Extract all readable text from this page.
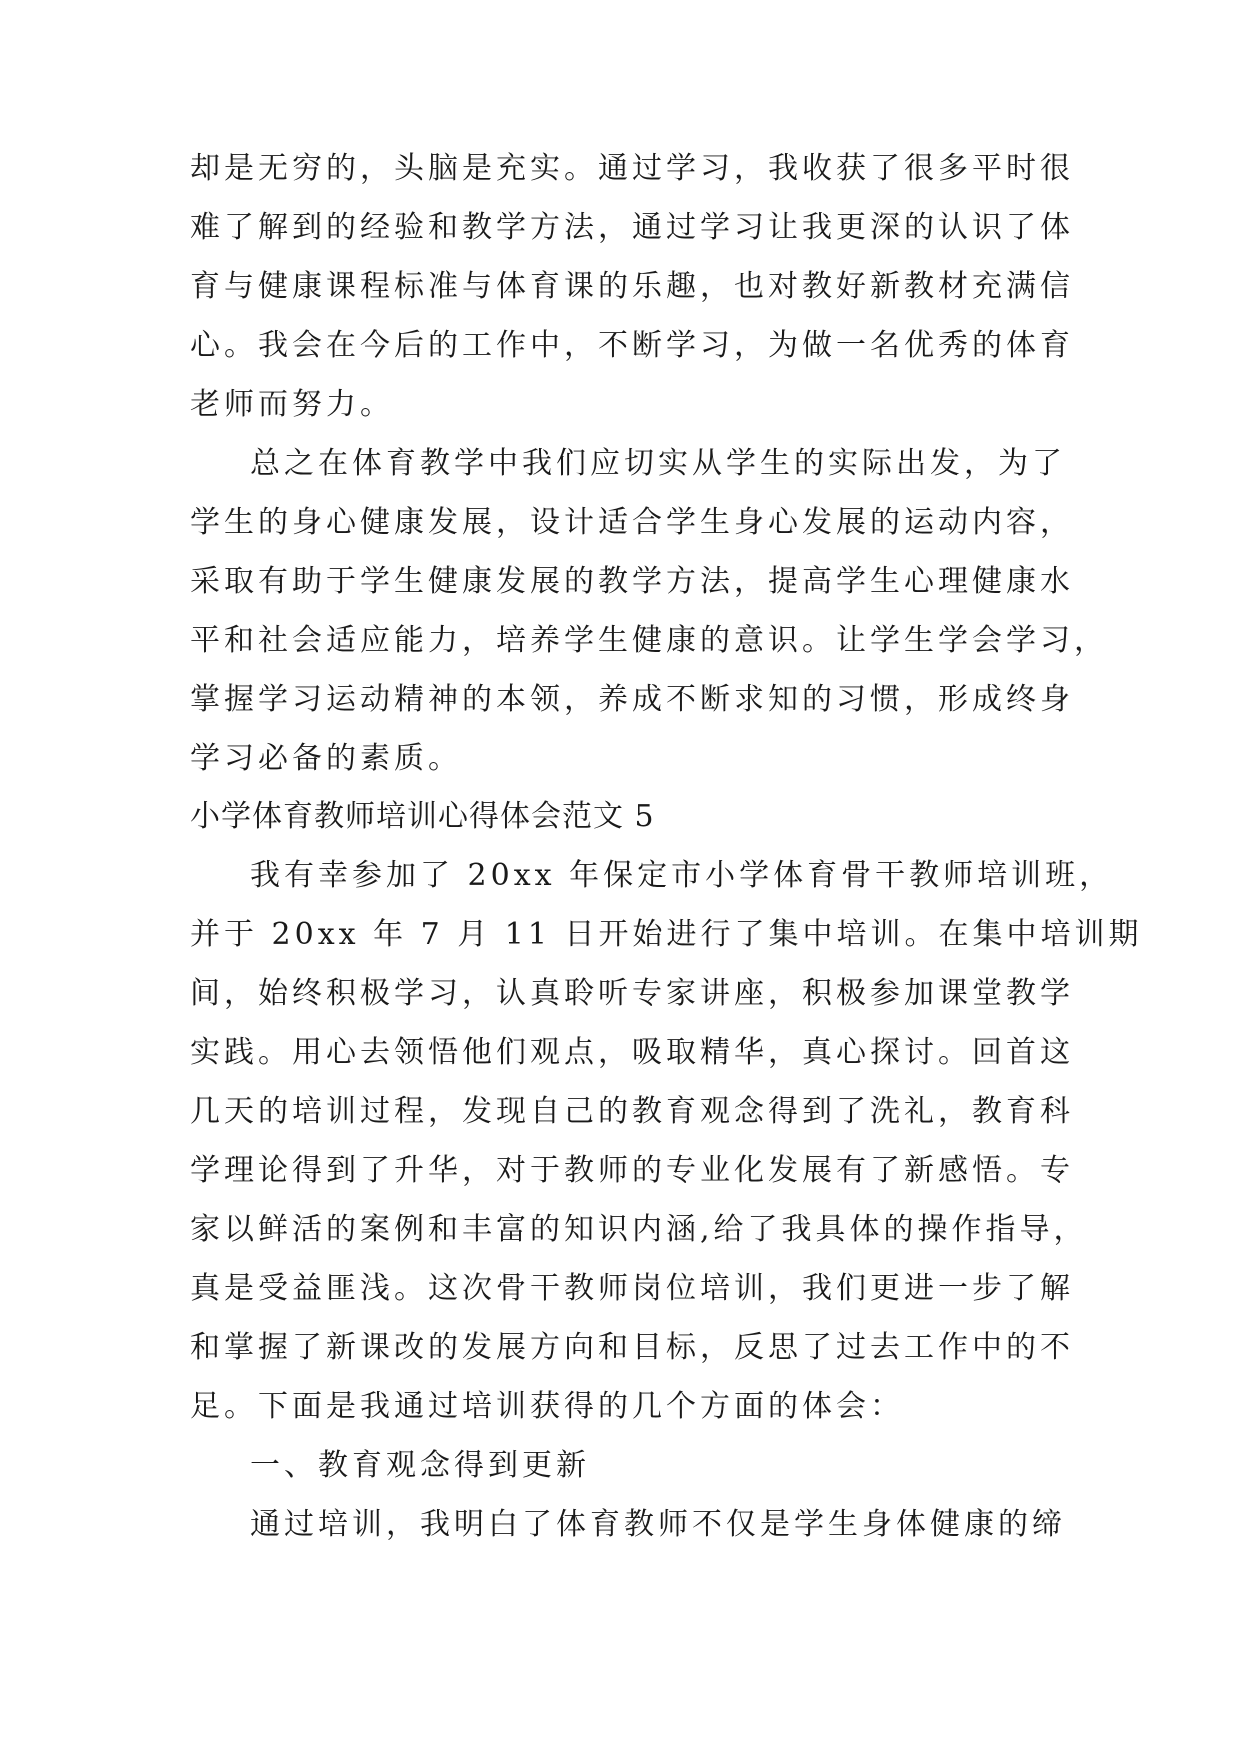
却是无穷的，头脑是充实。通过学习，我收获了很多平时很
难了解到的经验和教学方法，通过学习让我更深的认识了体
育与健康课程标准与体育课的乐趣，也对教好新教材充满信
心。我会在今后的工作中，不断学习，为做一名优秀的体育
老师而努力。
总之在体育教学中我们应切实从学生的实际出发，为了
学生的身心健康发展，设计适合学生身心发展的运动内容，
采取有助于学生健康发展的教学方法，提高学生心理健康水
平和社会适应能力，培养学生健康的意识。让学生学会学习，
掌握学习运动精神的本领，养成不断求知的习惯，形成终身
学习必备的素质。
小学体育教师培训心得体会范文 5
我有幸参加了 20xx 年保定市小学体育骨干教师培训班，
并于 20xx 年 7 月 11 日开始进行了集中培训。在集中培训期
间，始终积极学习，认真聆听专家讲座，积极参加课堂教学
实践。用心去领悟他们观点，吸取精华，真心探讨。回首这
几天的培训过程，发现自己的教育观念得到了洗礼，教育科
学理论得到了升华，对于教师的专业化发展有了新感悟。专
家以鲜活的案例和丰富的知识内涵,给了我具体的操作指导，
真是受益匪浅。这次骨干教师岗位培训，我们更进一步了解
和掌握了新课改的发展方向和目标，反思了过去工作中的不
足。下面是我通过培训获得的几个方面的体会：
一、教育观念得到更新
通过培训，我明白了体育教师不仅是学生身体健康的缔
